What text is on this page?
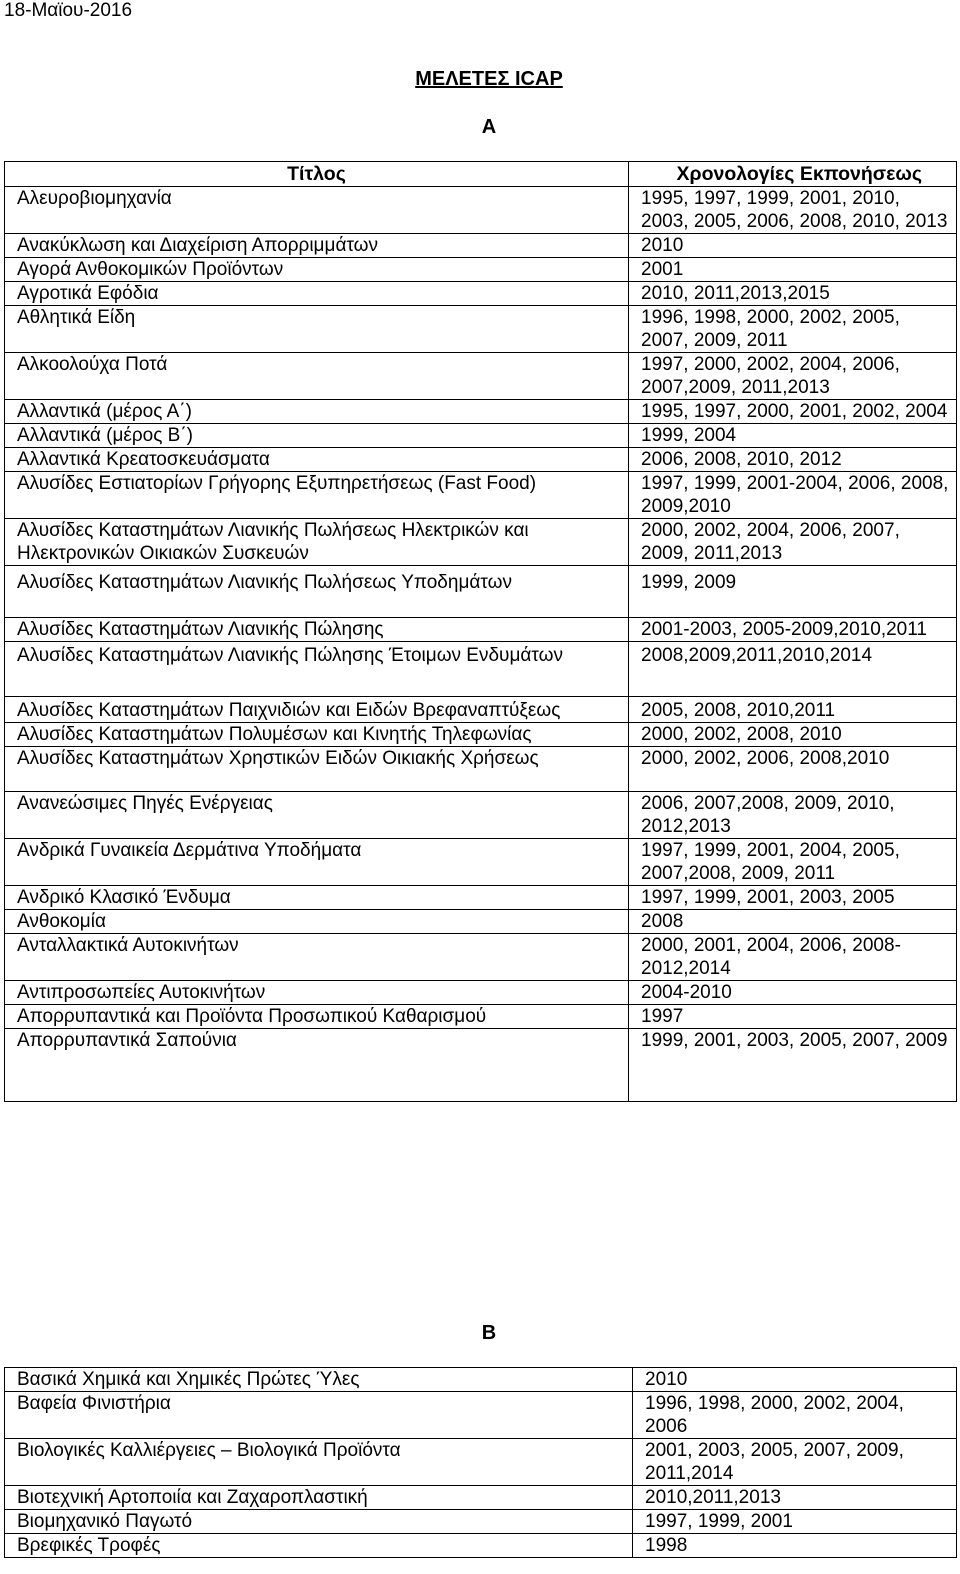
18-Μαϊου-2016
ΜΕΛΕΤΕΣ ICAP
Α
Τίτλος	Χρονολογίες Εκπονήσεως
Αλευροβιομηχανία	1995, 1997, 1999, 2001, 2010, 2003, 2005, 2006, 2008, 2010, 2013
Ανακύκλωση και Διαχείριση Απορριμμάτων	2010
Αγορά Ανθοκομικών Προϊόντων	2001
Αγροτικά Εφόδια	2010, 2011,2013,2015
Αθλητικά Είδη	1996, 1998, 2000, 2002, 2005, 2007, 2009, 2011
Αλκοολούχα Ποτά	1997, 2000, 2002, 2004, 2006, 2007,2009, 2011,2013
Αλλαντικά (μέρος Α΄)	1995, 1997, 2000, 2001, 2002, 2004
Αλλαντικά (μέρος Β΄)	1999, 2004
Αλλαντικά Κρεατοσκευάσματα	2006, 2008, 2010, 2012
Αλυσίδες Εστιατορίων Γρήγορης Εξυπηρετήσεως (Fast Food)	1997, 1999, 2001-2004, 2006, 2008, 2009,2010
Αλυσίδες Καταστημάτων Λιανικής Πωλήσεως Ηλεκτρικών και Ηλεκτρονικών Οικιακών Συσκευών	2000, 2002, 2004, 2006, 2007, 2009, 2011,2013
Αλυσίδες Καταστημάτων Λιανικής Πωλήσεως Υποδημάτων	1999, 2009
Αλυσίδες Καταστημάτων Λιανικής Πώλησης	2001-2003, 2005-2009,2010,2011
Αλυσίδες Καταστημάτων Λιανικής Πώλησης Έτοιμων Ενδυμάτων	2008,2009,2011,2010,2014
Αλυσίδες Καταστημάτων Παιχνιδιών και Ειδών Βρεφαναπτύξεως	2005, 2008, 2010,2011
Αλυσίδες Καταστημάτων Πολυμέσων και Κινητής Τηλεφωνίας	2000, 2002, 2008, 2010
Αλυσίδες Καταστημάτων Χρηστικών Ειδών Οικιακής Χρήσεως	2000, 2002, 2006, 2008,2010
Ανανεώσιμες Πηγές Ενέργειας	2006, 2007,2008, 2009, 2010, 2012,2013
Ανδρικά Γυναικεία Δερμάτινα Υποδήματα	1997, 1999, 2001, 2004, 2005, 2007,2008, 2009, 2011
Ανδρικό Κλασικό Ένδυμα	1997, 1999, 2001, 2003, 2005
Ανθοκομία	2008
Ανταλλακτικά Αυτοκινήτων	2000, 2001, 2004, 2006, 2008-2012,2014
Αντιπροσωπείες Αυτοκινήτων	2004-2010
Απορρυπαντικά και Προϊόντα Προσωπικού Καθαρισμού	1997
Απορρυπαντικά Σαπούνια	1999, 2001, 2003, 2005, 2007, 2009
Β
Βασικά Χημικά και Χημικές Πρώτες Ύλες	2010
Βαφεία Φινιστήρια	1996, 1998, 2000, 2002, 2004, 2006
Βιολογικές Καλλιέργειες – Βιολογικά Προϊόντα	2001, 2003, 2005, 2007, 2009, 2011,2014
Βιοτεχνική Αρτοποιία και Ζαχαροπλαστική	2010,2011,2013
Βιομηχανικό Παγωτό	1997, 1999, 2001
Βρεφικές Τροφές	1998
